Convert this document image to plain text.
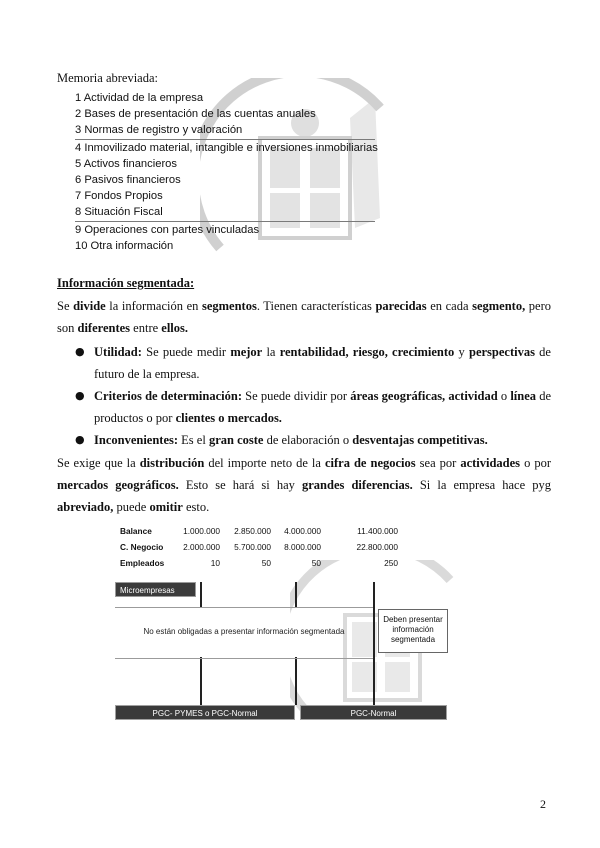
Memoria abreviada:
1 Actividad de la empresa
2 Bases de presentación de las cuentas anuales
3 Normas de registro y valoración
4 Inmovilizado material, intangible e inversiones inmobiliarias
5 Activos financieros
6 Pasivos financieros
7 Fondos Propios
8 Situación Fiscal
9 Operaciones con partes vinculadas
10 Otra información
Información segmentada:
Se divide la información en segmentos. Tienen características parecidas en cada segmento, pero son diferentes entre ellos.
● Utilidad: Se puede medir mejor la rentabilidad, riesgo, crecimiento y perspectivas de futuro de la empresa.
● Criterios de determinación: Se puede dividir por áreas geográficas, actividad o línea de productos o por clientes o mercados.
● Inconvenientes: Es el gran coste de elaboración o desventajas competitivas.
Se exige que la distribución del importe neto de la cifra de negocios sea por actividades o por mercados geográficos. Esto se hará si hay grandes diferencias. Si la empresa hace pyg abreviado, puede omitir esto.
Balance	1.000.000	2.850.000	4.000.000	11.400.000
C. Negocio	2.000.000	5.700.000	8.000.000	22.800.000
Empleados	10	50	50	250
Microempresas
No están obligadas a presentar información segmentada
Deben presentar información segmentada
PGC- PYMES o PGC-Normal	PGC-Normal
2
